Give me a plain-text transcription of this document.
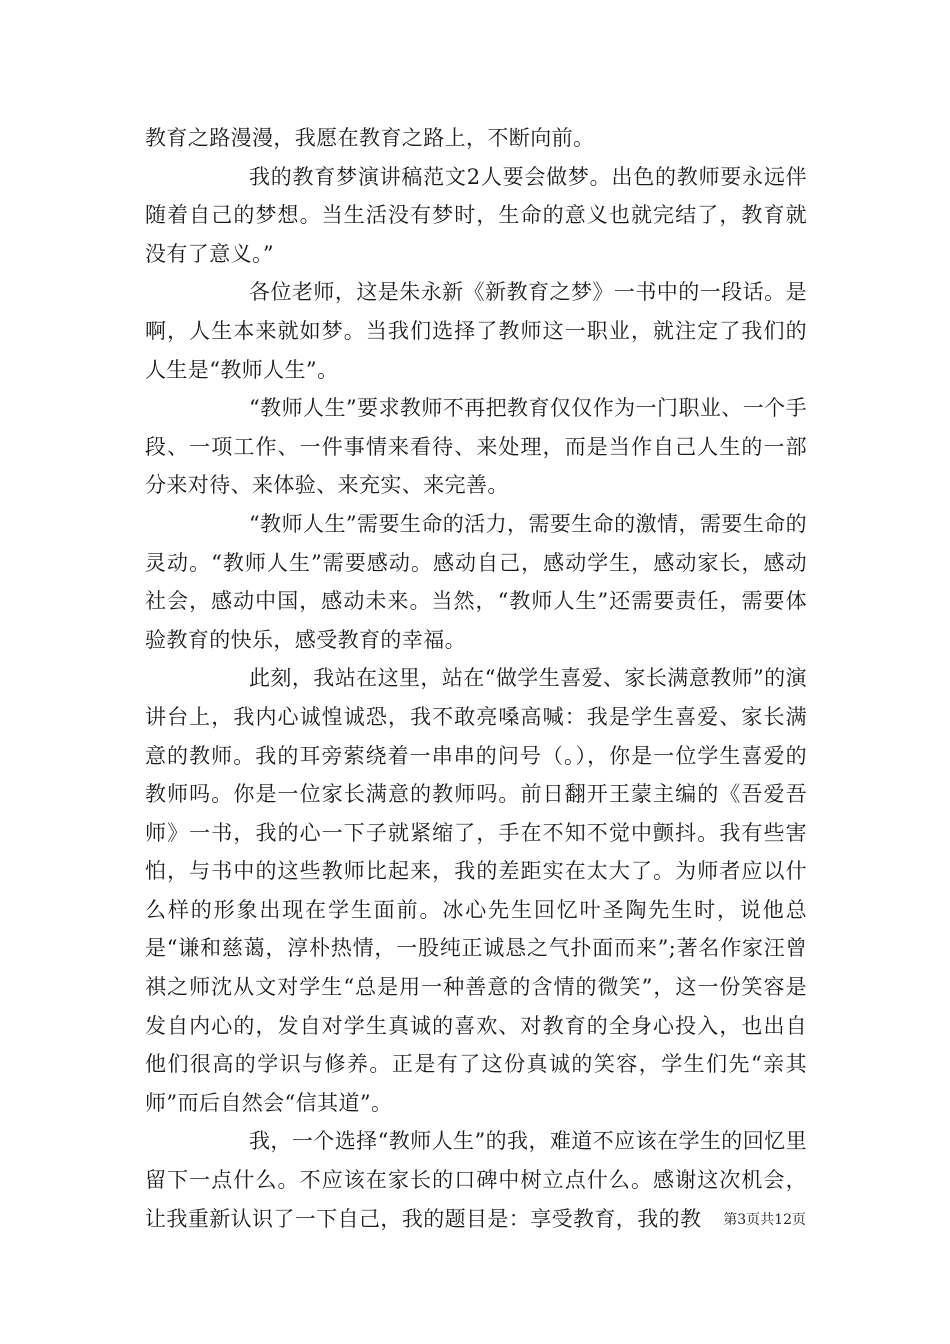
教育之路漫漫，我愿在教育之路上，不断向前。

我的教育梦演讲稿范文2人要会做梦。出色的教师要永远伴随着自己的梦想。当生活没有梦时，生命的意义也就完结了，教育就没有了意义。”

各位老师，这是朱永新《新教育之梦》一书中的一段话。是啊，人生本来就如梦。当我们选择了教师这一职业，就注定了我们的人生是“教师人生”。

“教师人生”要求教师不再把教育仅仅作为一门职业、一个手段、一项工作、一件事情来看待、来处理，而是当作自己人生的一部分来对待、来体验、来充实、来完善。

“教师人生”需要生命的活力，需要生命的激情，需要生命的灵动。“教师人生”需要感动。感动自己，感动学生，感动家长，感动社会，感动中国，感动未来。当然，“教师人生”还需要责任，需要体验教育的快乐，感受教育的幸福。

此刻，我站在这里，站在“做学生喜爱、家长满意教师”的演讲台上，我内心诚惶诚恐，我不敢亮嗓高喊：我是学生喜爱、家长满意的教师。我的耳旁萦绕着一串串的问号（。），你是一位学生喜爱的教师吗。你是一位家长满意的教师吗。前日翻开王蒙主编的《吾爱吾师》一书，我的心一下子就紧缩了，手在不知不觉中颤抖。我有些害怕，与书中的这些教师比起来，我的差距实在太大了。为师者应以什么样的形象出现在学生面前。冰心先生回忆叶圣陶先生时，说他总是“谦和慈蔼，淳朴热情，一股纯正诚恳之气扑面而来”;著名作家汪曾祺之师沈从文对学生“总是用一种善意的含情的微笑”，这一份笑容是发自内心的，发自对学生真诚的喜欢、对教育的全身心投入，也出自他们很高的学识与修养。正是有了这份真诚的笑容，学生们先“亲其师”而后自然会“信其道”。

我，一个选择“教师人生”的我，难道不应该在学生的回忆里留下一点什么。不应该在家长的口碑中树立点什么。感谢这次机会，让我重新认识了一下自己，我的题目是：享受教育，我的教	第3页共12页
